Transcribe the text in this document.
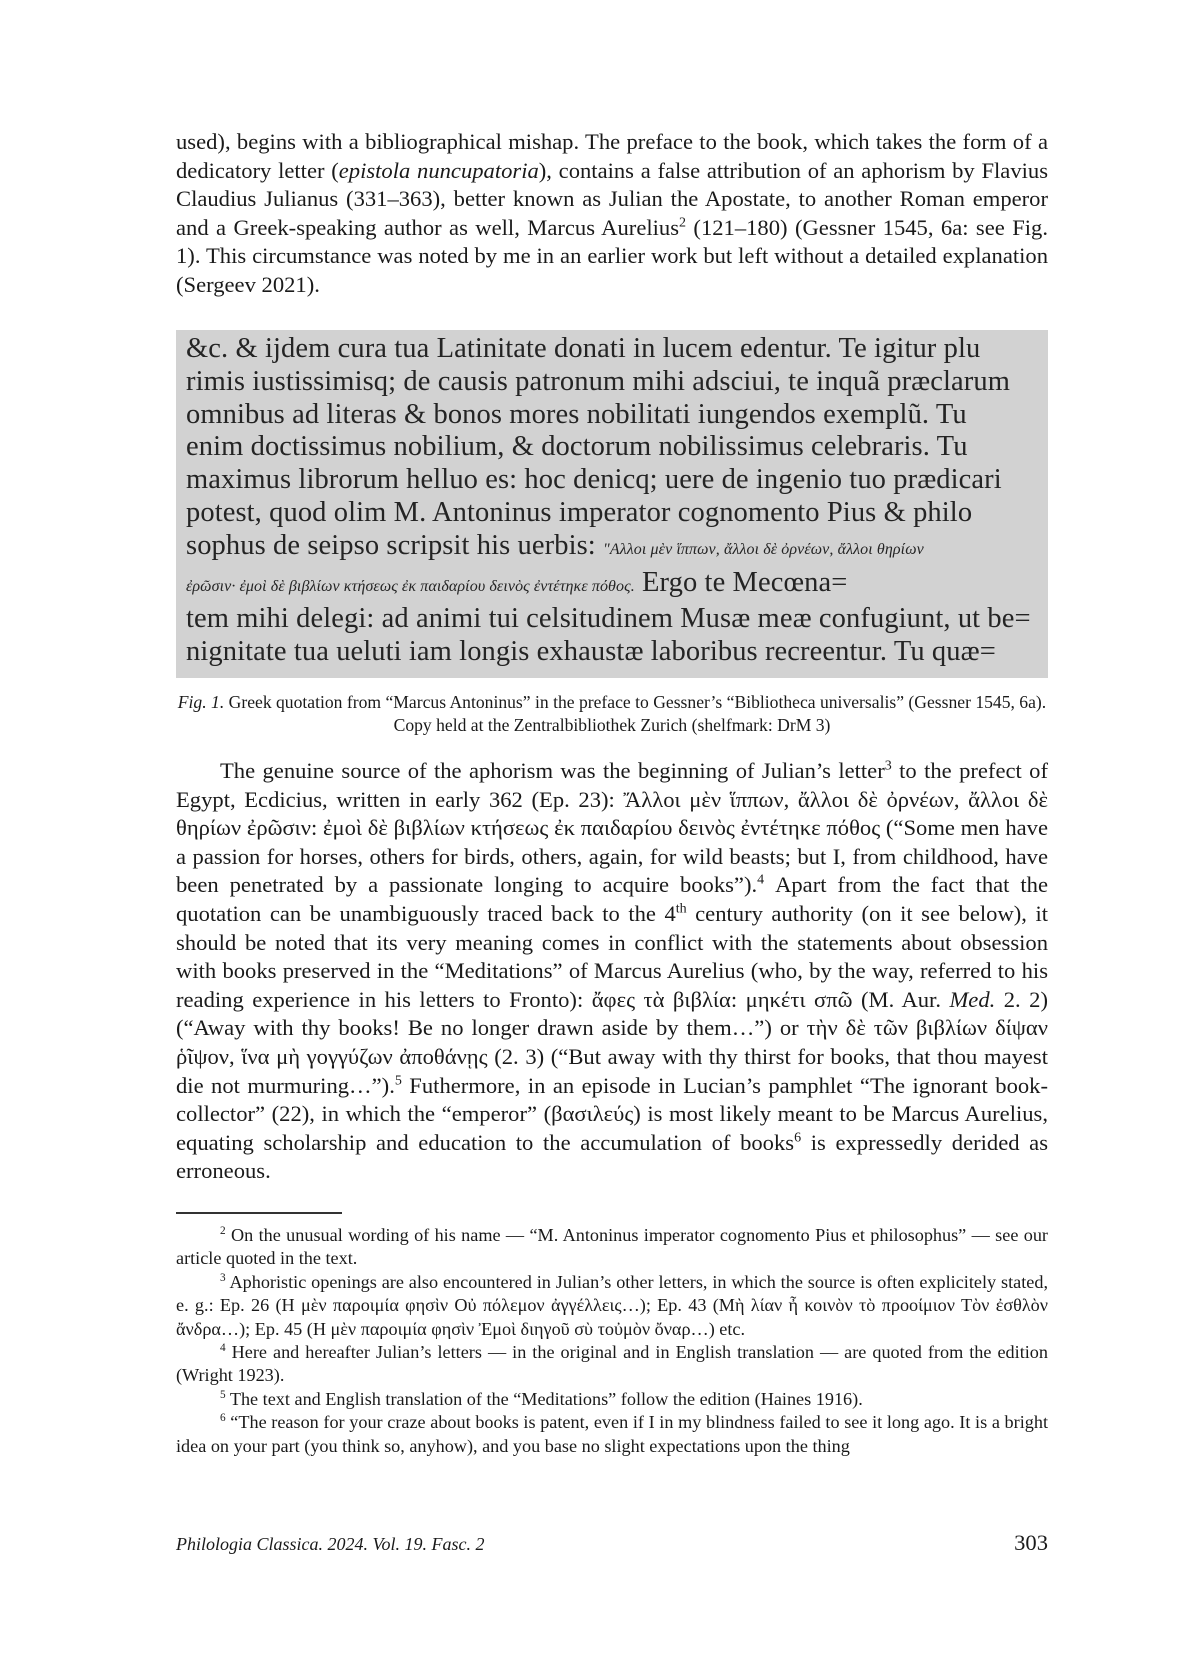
used), begins with a bibliographical mishap. The preface to the book, which takes the form of a dedicatory letter (epistola nuncupatoria), contains a false attribution of an aphorism by Flavius Claudius Julianus (331–363), better known as Julian the Apostate, to another Roman emperor and a Greek-speaking author as well, Marcus Aurelius$^2$ (121–180) (Gessner 1545, 6a: see Fig. 1). This circumstance was noted by me in an earlier work but left without a detailed explanation (Sergeev 2021).

&c. & ijdem cura tua Latinitate donati in lucem edentur. Te igitur plu
rimis iustissimisq; de causis patronum mihi adsciui, te inquã præclarum
omnibus ad literas & bonos mores nobilitati iungendos exemplũ. Tu
enim doctissimus nobilium, & doctorum nobilissimus celebraris. Tu
maximus librorum helluo es: hoc denicq; uere de ingenio tuo prædicari
potest, quod olim M. Antoninus imperator cognomento Pius & philo
sophus de seipso scripsit his uerbis: "Αλλοι μὲν ἵππων, ἄλλοι δὲ ὀρνέων, ἄλλοι θηρίων
ἐρῶσιν· ἐμοὶ δὲ βιβλίων κτήσεως ἐκ παιδαρίου δεινὸς ἐντέτηκε πόθος. Ergo te Mecœna=
tem mihi delegi: ad animi tui celsitudinem Musæ meæ confugiunt, ut be=
nignitate tua ueluti iam longis exhaustæ laboribus recreentur. Tu quæ=

Fig. 1. Greek quotation from “Marcus Antoninus” in the preface to Gessner’s “Bibliotheca universalis” (Gessner 1545, 6a). Copy held at the Zentralbibliothek Zurich (shelfmark: DrM 3)

The genuine source of the aphorism was the beginning of Julian’s letter$^3$ to the prefect of Egypt, Ecdicius, written in early 362 (Ep. 23): Ἄλλοι μὲν ἵππων, ἄλλοι δὲ ὀρνέων, ἄλλοι δὲ θηρίων ἐρῶσιν: ἐμοὶ δὲ βιβλίων κτήσεως ἐκ παιδαρίου δεινὸς ἐντέτηκε πόθος (“Some men have a passion for horses, others for birds, others, again, for wild beasts; but I, from childhood, have been penetrated by a passionate longing to acquire books”).$^4$ Apart from the fact that the quotation can be unambiguously traced back to the 4th century authority (on it see below), it should be noted that its very meaning comes in conflict with the statements about obsession with books preserved in the “Meditations” of Marcus Aurelius (who, by the way, referred to his reading experience in his letters to Fronto): ἄφες τὰ βιβλία: μηκέτι σπῶ (M. Aur. Med. 2. 2) (“Away with thy books! Be no longer drawn aside by them…”) or τὴν δὲ τῶν βιβλίων δίψαν ῥῖψον, ἵνα μὴ γογγύζων ἀποθάνῃς (2. 3) (“But away with thy thirst for books, that thou mayest die not murmuring…”).$^5$ Futhermore, in an episode in Lucian’s pamphlet “The ignorant book-collector” (22), in which the “emperor” (βασιλεύς) is most likely meant to be Marcus Aurelius, equating scholarship and education to the accumulation of books$^6$ is expressedly derided as erroneous.

$^2$ On the unusual wording of his name — “M. Antoninus imperator cognomento Pius et philosophus” — see our article quoted in the text.

$^3$ Aphoristic openings are also encountered in Julian’s other letters, in which the source is often explicitely stated, e. g.: Ep. 26 (Η μὲν παροιμία φησὶν Οὐ πόλεμον ἀγγέλλεις…); Ep. 43 (Μὴ λίαν ἦ κοινὸν τὸ προοίμιον Τὸν ἐσθλὸν ἄνδρα…); Ep. 45 (Η μὲν παροιμία φησὶν Ἐμοὶ διηγοῦ σὺ τοὐμὸν ὄναρ…) etc.

$^4$ Here and hereafter Julian’s letters — in the original and in English translation — are quoted from the edition (Wright 1923).

$^5$ The text and English translation of the “Meditations” follow the edition (Haines 1916).

$^6$ “The reason for your craze about books is patent, even if I in my blindness failed to see it long ago. It is a bright idea on your part (you think so, anyhow), and you base no slight expectations upon the thing

Philologia Classica. 2024. Vol. 19. Fasc. 2	303
